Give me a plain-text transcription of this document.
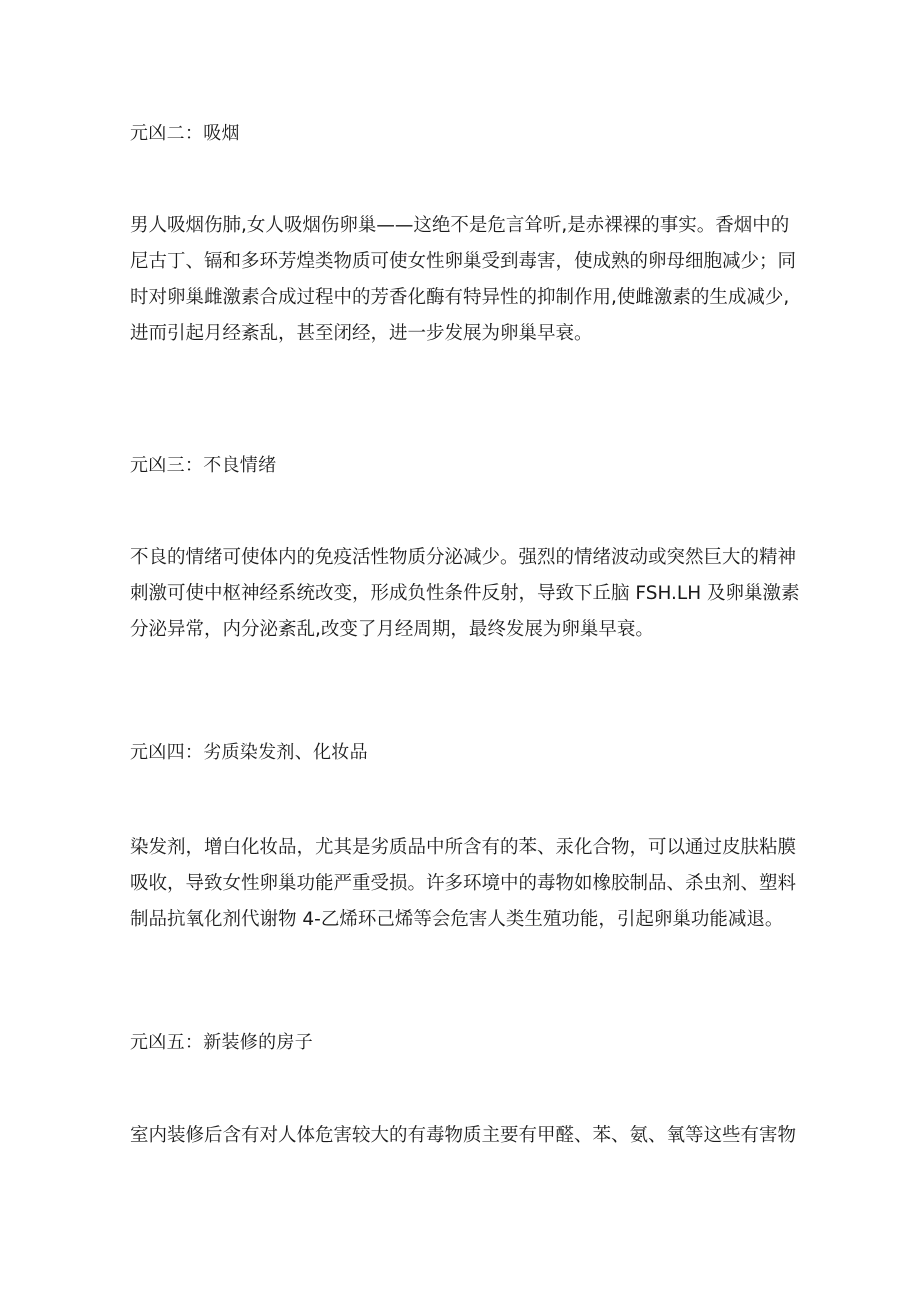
元凶二：吸烟
男人吸烟伤肺,女人吸烟伤卵巢——这绝不是危言耸听,是赤裸裸的事实。香烟中的
尼古丁、镉和多环芳煌类物质可使女性卵巢受到毒害，使成熟的卵母细胞减少；同
时对卵巢雌激素合成过程中的芳香化酶有特异性的抑制作用,使雌激素的生成减少,
进而引起月经紊乱，甚至闭经，进一步发展为卵巢早衰。
元凶三：不良情绪
不良的情绪可使体内的免疫活性物质分泌减少。强烈的情绪波动或突然巨大的精神
刺激可使中枢神经系统改变，形成负性条件反射，导致下丘脑 FSH.LH 及卵巢激素
分泌异常，内分泌紊乱,改变了月经周期，最终发展为卵巢早衰。
元凶四：劣质染发剂、化妆品
染发剂，增白化妆品，尤其是劣质品中所含有的苯、汞化合物，可以通过皮肤粘膜
吸收，导致女性卵巢功能严重受损。许多环境中的毒物如橡胶制品、杀虫剂、塑料
制品抗氧化剂代谢物 4-乙烯环己烯等会危害人类生殖功能，引起卵巢功能减退。
元凶五：新装修的房子
室内装修后含有对人体危害较大的有毒物质主要有甲醛、苯、氨、氧等这些有害物
